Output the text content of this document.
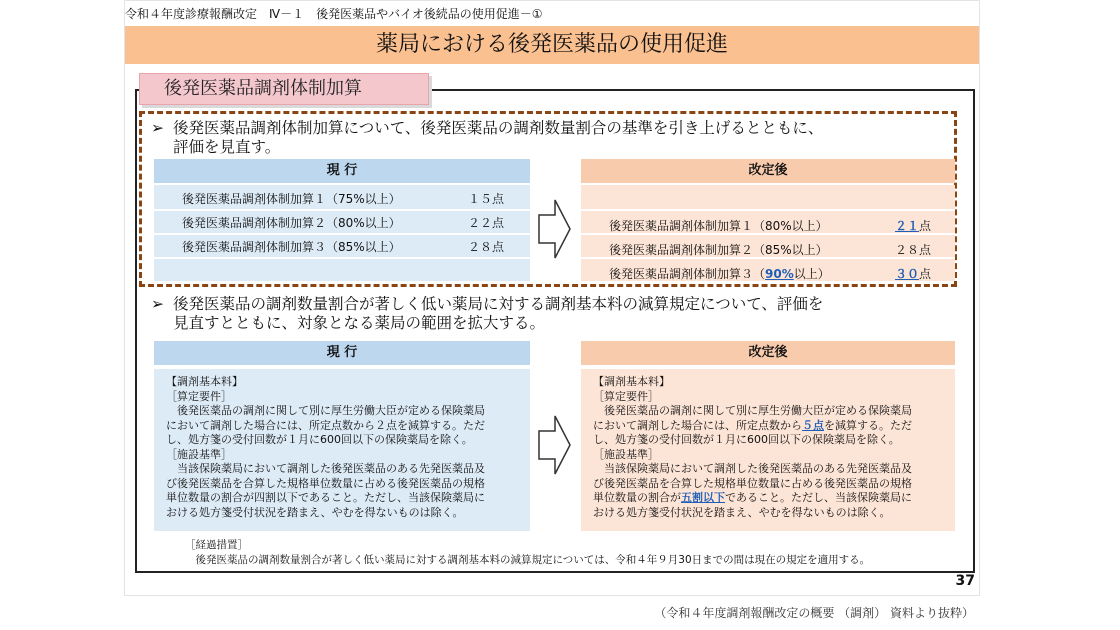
令和４年度診療報酬改定　Ⅳ－１　後発医薬品やバイオ後続品の使用促進－①
薬局における後発医薬品の使用促進
後発医薬品調剤体制加算
➢ 後発医薬品調剤体制加算について、後発医薬品の調剤数量割合の基準を引き上げるとともに、
評価を見直す。
現 行
後発医薬品調剤体制加算１（75%以上）	１５点
後発医薬品調剤体制加算２（80%以上）	２２点
後発医薬品調剤体制加算３（85%以上）	２８点
改定後
後発医薬品調剤体制加算１（80%以上）	２１点
後発医薬品調剤体制加算２（85%以上）	２８点
後発医薬品調剤体制加算３（90%以上）	３０点
➢ 後発医薬品の調剤数量割合が著しく低い薬局に対する調剤基本料の減算規定について、評価を
見直すとともに、対象となる薬局の範囲を拡大する。
現 行
【調剤基本料】
［算定要件］
　後発医薬品の調剤に関して別に厚生労働大臣が定める保険薬局
において調剤した場合には、所定点数から２点を減算する。ただ
し、処方箋の受付回数が１月に600回以下の保険薬局を除く。
［施設基準］
　当該保険薬局において調剤した後発医薬品のある先発医薬品及
び後発医薬品を合算した規格単位数量に占める後発医薬品の規格
単位数量の割合が四割以下であること。ただし、当該保険薬局に
おける処方箋受付状況を踏まえ、やむを得ないものは除く。
改定後
【調剤基本料】
［算定要件］
　後発医薬品の調剤に関して別に厚生労働大臣が定める保険薬局
において調剤した場合には、所定点数から５点を減算する。ただ
し、処方箋の受付回数が１月に600回以下の保険薬局を除く。
［施設基準］
　当該保険薬局において調剤した後発医薬品のある先発医薬品及
び後発医薬品を合算した規格単位数量に占める後発医薬品の規格
単位数量の割合が五割以下であること。ただし、当該保険薬局に
おける処方箋受付状況を踏まえ、やむを得ないものは除く。
［経過措置］
　後発医薬品の調剤数量割合が著しく低い薬局に対する調剤基本料の減算規定については、令和４年９月30日までの間は現在の規定を適用する。
37
（令和４年度調剤報酬改定の概要 （調剤） 資料より抜粋）
